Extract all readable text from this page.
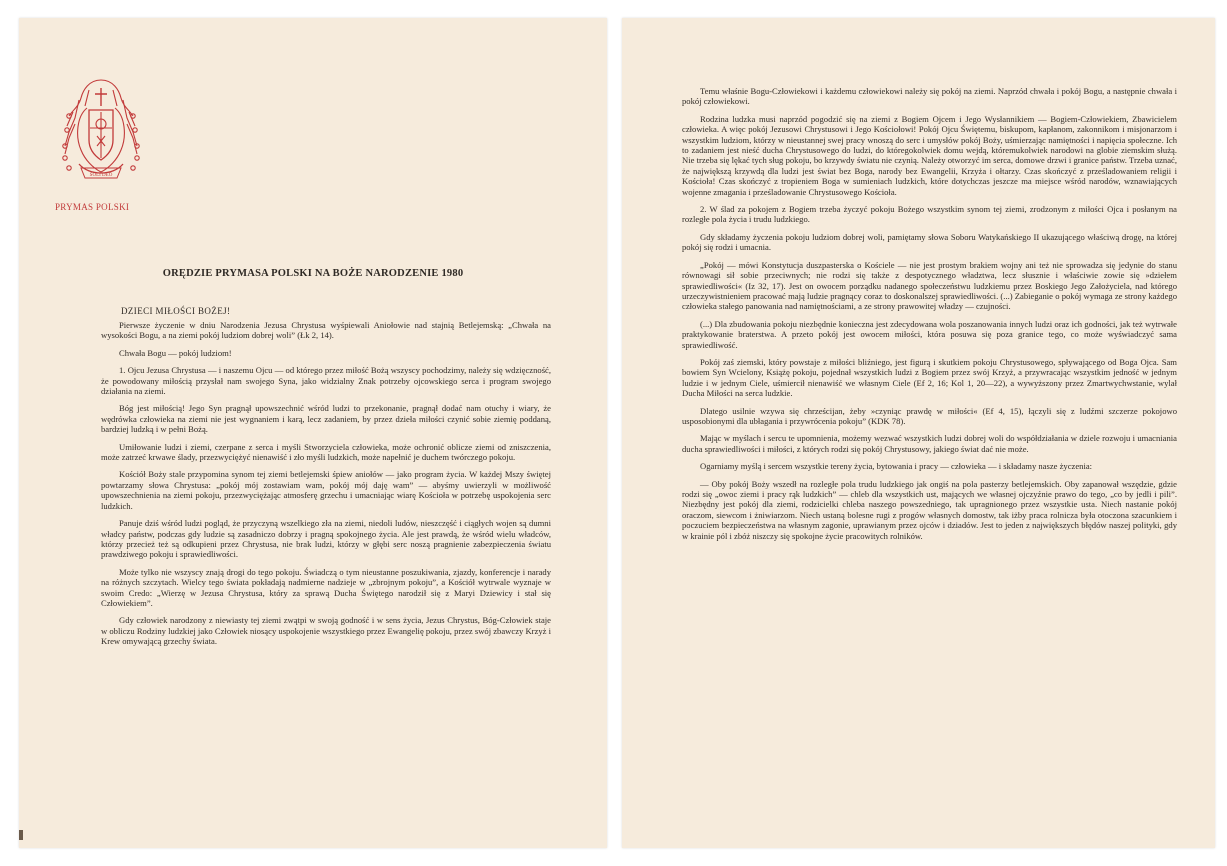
SOLI DEO
PRYMAS POLSKI
ORĘDZIE PRYMASA POLSKI NA BOŻE NARODZENIE 1980
DZIECI MIŁOŚCI BOŻEJ!

Pierwsze życzenie w dniu Narodzenia Jezusa Chrystusa wyśpiewali Aniołowie nad stajnią Betlejemską: „Chwała na wysokości Bogu, a na ziemi pokój ludziom dobrej woli” (Łk 2, 14).

Chwała Bogu — pokój ludziom!

1. Ojcu Jezusa Chrystusa — i naszemu Ojcu — od którego przez miłość Bożą wszyscy pochodzimy, należy się wdzięczność, że powodowany miłością przysłał nam swojego Syna, jako widzialny Znak potrzeby ojcowskiego serca i program swojego działania na ziemi.

Bóg jest miłością! Jego Syn pragnął upowszechnić wśród ludzi to przekonanie, pragnął dodać nam otuchy i wiary, że wędrówka człowieka na ziemi nie jest wygnaniem i karą, lecz zadaniem, by przez dzieła miłości czynić sobie ziemię poddaną, bardziej ludzką i w pełni Bożą.

Umiłowanie ludzi i ziemi, czerpane z serca i myśli Stworzyciela człowieka, może ochronić oblicze ziemi od zniszczenia, może zatrzeć krwawe ślady, przezwyciężyć nienawiść i zło myśli ludzkich, może napełnić je duchem twórczego pokoju.

Kościół Boży stale przypomina synom tej ziemi betlejemski śpiew aniołów — jako program życia. W każdej Mszy świętej powtarzamy słowa Chrystusa: „pokój mój zostawiam wam, pokój mój daję wam” — abyśmy uwierzyli w możliwość upowszechnienia na ziemi pokoju, przezwyciężając atmosferę grzechu i umacniając wiarę Kościoła w potrzebę uspokojenia serc ludzkich.

Panuje dziś wśród ludzi pogląd, że przyczyną wszelkiego zła na ziemi, niedoli ludów, nieszczęść i ciągłych wojen są dumni władcy państw, podczas gdy ludzie są zasadniczo dobrzy i pragną spokojnego życia. Ale jest prawdą, że wśród wielu władców, którzy przecież też są odkupieni przez Chrystusa, nie brak ludzi, którzy w głębi serc noszą pragnienie zabezpieczenia światu prawdziwego pokoju i sprawiedliwości.

Może tylko nie wszyscy znają drogi do tego pokoju. Świadczą o tym nieustanne poszukiwania, zjazdy, konferencje i narady na różnych szczytach. Wielcy tego świata pokładają nadmierne nadzieje w „zbrojnym pokoju”, a Kościół wytrwale wyznaje w swoim Credo: „Wierzę w Jezusa Chrystusa, który za sprawą Ducha Świętego narodził się z Maryi Dziewicy i stał się Człowiekiem”.

Gdy człowiek narodzony z niewiasty tej ziemi zwątpi w swoją godność i w sens życia, Jezus Chrystus, Bóg-Człowiek staje w obliczu Rodziny ludzkiej jako Człowiek niosący uspokojenie wszystkiego przez Ewangelię pokoju, przez swój zbawczy Krzyż i Krew omywającą grzechy świata.

Temu właśnie Bogu-Człowiekowi i każdemu człowiekowi należy się pokój na ziemi. Naprzód chwała i pokój Bogu, a następnie chwała i pokój człowiekowi.

Rodzina ludzka musi naprzód pogodzić się na ziemi z Bogiem Ojcem i Jego Wysłannikiem — Bogiem-Człowiekiem, Zbawicielem człowieka. A więc pokój Jezusowi Chrystusowi i Jego Kościołowi! Pokój Ojcu Świętemu, biskupom, kapłanom, zakonnikom i misjonarzom i wszystkim ludziom, którzy w nieustannej swej pracy wnoszą do serc i umysłów pokój Boży, uśmierzając namiętności i napięcia społeczne. Ich to zadaniem jest nieść ducha Chrystusowego do ludzi, do któregokolwiek domu wejdą, któremukolwiek narodowi na globie ziemskim służą. Nie trzeba się lękać tych sług pokoju, bo krzywdy światu nie czynią. Należy otworzyć im serca, domowe drzwi i granice państw. Trzeba uznać, że największą krzywdą dla ludzi jest świat bez Boga, narody bez Ewangelii, Krzyża i ołtarzy. Czas skończyć z prześladowaniem religii i Kościoła! Czas skończyć z tropieniem Boga w sumieniach ludzkich, które dotychczas jeszcze ma miejsce wśród narodów, wznawiających wojenne zmagania i prześladowanie Chrystusowego Kościoła.

2. W ślad za pokojem z Bogiem trzeba życzyć pokoju Bożego wszystkim synom tej ziemi, zrodzonym z miłości Ojca i posłanym na rozległe pola życia i trudu ludzkiego.

Gdy składamy życzenia pokoju ludziom dobrej woli, pamiętamy słowa Soboru Watykańskiego II ukazującego właściwą drogę, na której pokój się rodzi i umacnia.

„Pokój — mówi Konstytucja duszpasterska o Kościele — nie jest prostym brakiem wojny ani też nie sprowadza się jedynie do stanu równowagi sił sobie przeciwnych; nie rodzi się także z despotycznego władztwa, lecz słusznie i właściwie zowie się »dziełem sprawiedliwości« (Iz 32, 17). Jest on owocem porządku nadanego społeczeństwu ludzkiemu przez Boskiego Jego Założyciela, nad którego urzeczywistnieniem pracować mają ludzie pragnący coraz to doskonalszej sprawiedliwości. (...) Zabieganie o pokój wymaga ze strony każdego człowieka stałego panowania nad namiętnościami, a ze strony prawowitej władzy — czujności.

(...) Dla zbudowania pokoju niezbędnie konieczna jest zdecydowana wola poszanowania innych ludzi oraz ich godności, jak też wytrwałe praktykowanie braterstwa. A przeto pokój jest owocem miłości, która posuwa się poza granice tego, co może wyświadczyć sama sprawiedliwość.

Pokój zaś ziemski, który powstaje z miłości bliźniego, jest figurą i skutkiem pokoju Chrystusowego, spływającego od Boga Ojca. Sam bowiem Syn Wcielony, Książę pokoju, pojednał wszystkich ludzi z Bogiem przez swój Krzyż, a przywracając wszystkim jedność w jednym ludzie i w jednym Ciele, uśmiercił nienawiść we własnym Ciele (Ef 2, 16; Kol 1, 20—22), a wywyższony przez Zmartwychwstanie, wylał Ducha Miłości na serca ludzkie.

Dlatego usilnie wzywa się chrześcijan, żeby »czyniąc prawdę w miłości« (Ef 4, 15), łączyli się z ludźmi szczerze pokojowo usposobionymi dla ubłagania i przywrócenia pokoju” (KDK 78).

Mając w myślach i sercu te upomnienia, możemy wezwać wszystkich ludzi dobrej woli do współdziałania w dziele rozwoju i umacniania ducha sprawiedliwości i miłości, z których rodzi się pokój Chrystusowy, jakiego świat dać nie może.

Ogarniamy myślą i sercem wszystkie tereny życia, bytowania i pracy — człowieka — i składamy nasze życzenia:

— Oby pokój Boży wszedł na rozległe pola trudu ludzkiego jak ongiś na pola pasterzy betlejemskich. Oby zapanował wszędzie, gdzie rodzi się „owoc ziemi i pracy rąk ludzkich” — chleb dla wszystkich ust, mających we własnej ojczyźnie prawo do tego, „co by jedli i pili”. Niezbędny jest pokój dla ziemi, rodzicielki chleba naszego powszedniego, tak upragnionego przez wszystkie usta. Niech nastanie pokój oraczom, siewcom i żniwiarzom. Niech ustaną bolesne rugi z progów własnych domostw, tak iżby praca rolnicza była otoczona szacunkiem i poczuciem bezpieczeństwa na własnym zagonie, uprawianym przez ojców i dziadów. Jest to jeden z największych błędów naszej polityki, gdy w krainie pól i zbóż niszczy się spokojne życie pracowitych rolników.
